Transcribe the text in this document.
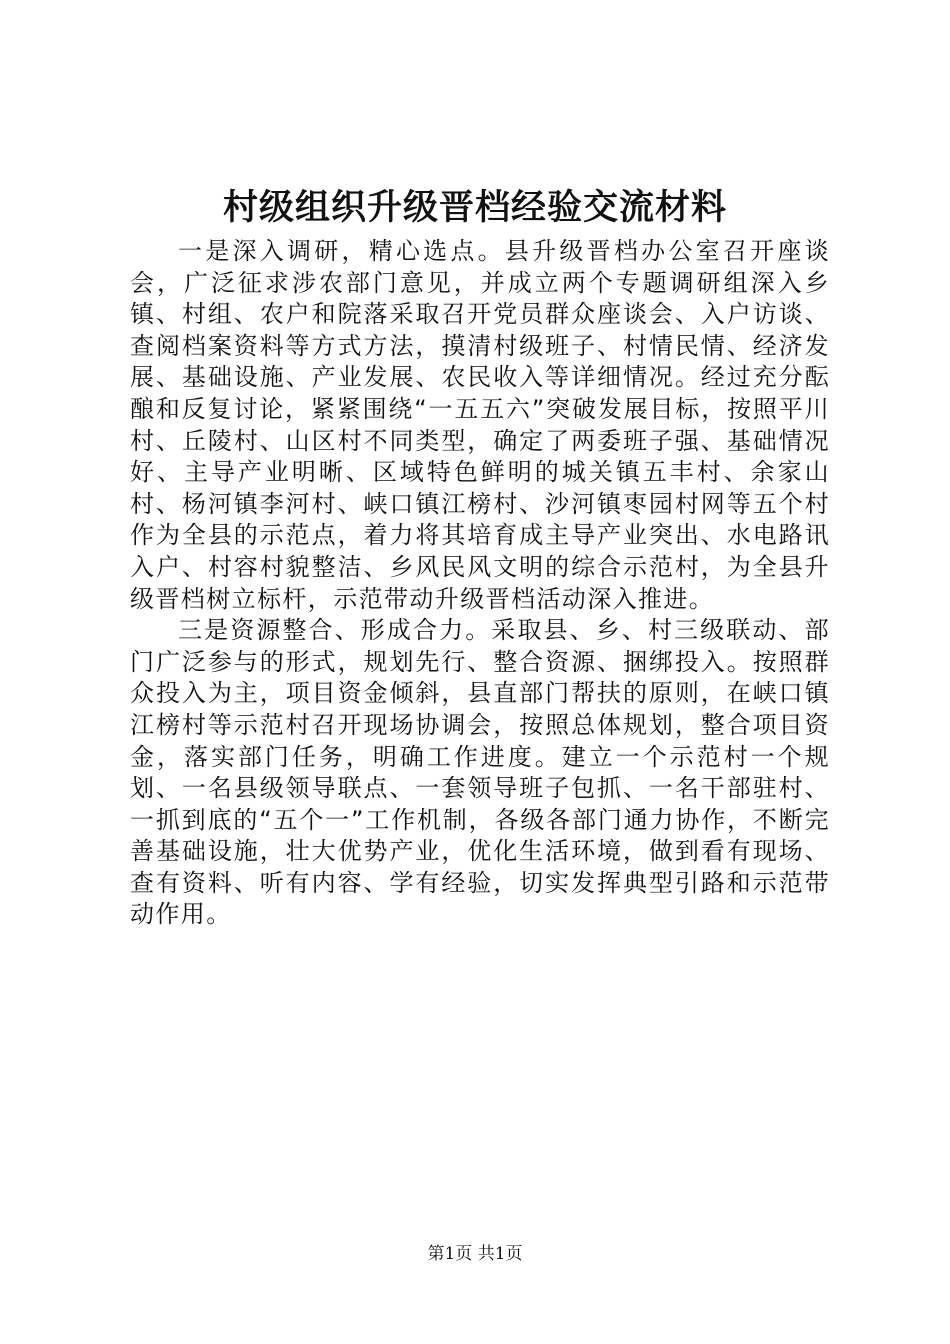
村级组织升级晋档经验交流材料

一是深入调研，精心选点。县升级晋档办公室召开座谈会，广泛征求涉农部门意见，并成立两个专题调研组深入乡镇、村组、农户和院落采取召开党员群众座谈会、入户访谈、查阅档案资料等方式方法，摸清村级班子、村情民情、经济发展、基础设施、产业发展、农民收入等详细情况。经过充分酝酿和反复讨论，紧紧围绕“一五五六”突破发展目标，按照平川村、丘陵村、山区村不同类型，确定了两委班子强、基础情况好、主导产业明晰、区域特色鲜明的城关镇五丰村、余家山村、杨河镇李河村、峡口镇江榜村、沙河镇枣园村网等五个村作为全县的示范点，着力将其培育成主导产业突出、水电路讯入户、村容村貌整洁、乡风民风文明的综合示范村，为全县升级晋档树立标杆，示范带动升级晋档活动深入推进。

三是资源整合、形成合力。采取县、乡、村三级联动、部门广泛参与的形式，规划先行、整合资源、捆绑投入。按照群众投入为主，项目资金倾斜，县直部门帮扶的原则，在峡口镇江榜村等示范村召开现场协调会，按照总体规划，整合项目资金，落实部门任务，明确工作进度。建立一个示范村一个规划、一名县级领导联点、一套领导班子包抓、一名干部驻村、一抓到底的“五个一”工作机制，各级各部门通力协作，不断完善基础设施，壮大优势产业，优化生活环境，做到看有现场、查有资料、听有内容、学有经验，切实发挥典型引路和示范带动作用。

第1页 共1页
